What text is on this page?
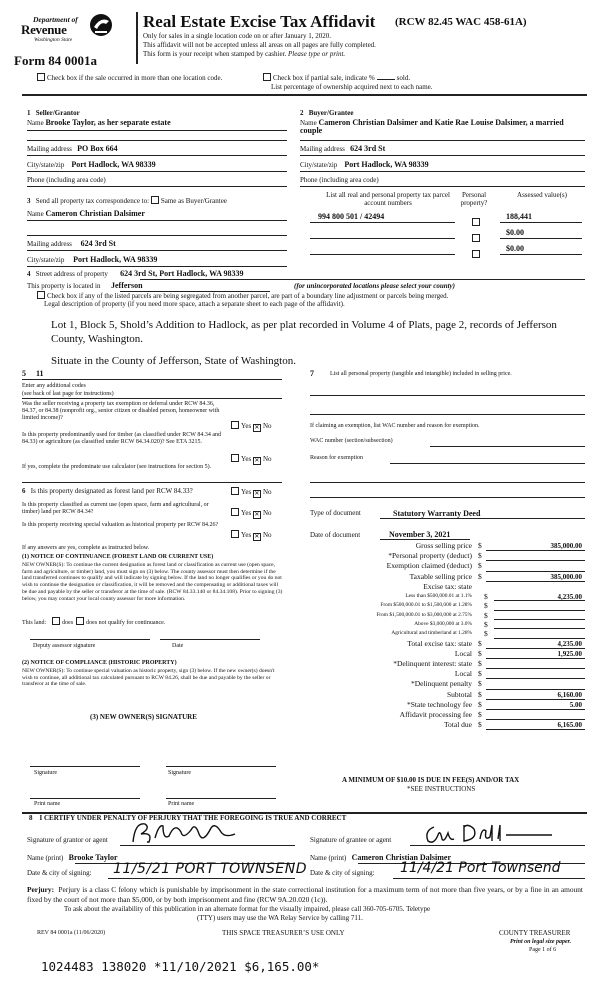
Department of
Revenue
Washington State
Form 84 0001a
Real Estate Excise Tax Affidavit (RCW 82.45 WAC 458-61A)
Only for sales in a single location code on or after January 1, 2020.
This affidavit will not be accepted unless all areas on all pages are fully completed.
This form is your receipt when stamped by cashier. Please type or print.
Check box if the sale occurred in more than one location code.	Check box if partial sale, indicate %	sold.
List percentage of ownership acquired next to each name.
1 Seller/Grantor
Name Brooke Taylor, as her separate estate
Mailing address PO Box 664
City/state/zip Port Hadlock, WA 98339
Phone (including area code)
2 Buyer/Grantee
Name Cameron Christian Dalsimer and Katie Rae Louise Dalsimer, a married couple
Mailing address 624 3rd St
City/state/zip Port Hadlock, WA 98339
Phone (including area code)
3 Send all property tax correspondence to: Same as Buyer/Grantee
Name Cameron Christian Dalsimer
Mailing address 624 3rd St
City/state/zip Port Hadlock, WA 98339
List all real and personal property tax parcel account numbers
Personal property?
Assessed value(s)
994 800 501 / 42494	188,441
$0.00
$0.00
4 Street address of property 624 3rd St, Port Hadlock, WA 98339
This property is located in Jefferson	(for unincorporated locations please select your county)
Check box if any of the listed parcels are being segregated from another parcel, are part of a boundary line adjustment or parcels being merged.
Legal description of property (if you need more space, attach a separate sheet to each page of the affidavit).
Lot 1, Block 5, Shold’s Addition to Hadlock, as per plat recorded in Volume 4 of Plats, page 2, records of Jefferson County, Washington.
Situate in the County of Jefferson, State of Washington.
5 11
Enter any additional codes
(see back of last page for instructions)
Was the seller receiving a property tax exemption or deferral under RCW 84.36, 84.37, or 84.38 (nonprofit org., senior citizen or disabled person, homeowner with limited income)?
Yes ✕ No
Is this property predominantly used for timber (as classified under RCW 84.34 and 84.33) or agriculture (as classified under RCW 84.34.020)? See ETA 3215.
Yes ✕ No
If yes, complete the predominate use calculator (see instructions for section 5).
6 Is this property designated as forest land per RCW 84.33?	Yes ✕ No
Is this property classified as current use (open space, farm and agricultural, or timber) land per RCW 84.34?	Yes ✕ No
Is this property receiving special valuation as historical property per RCW 84.26?
Yes ✕ No
If any answers are yes, complete as instructed below.
(1) NOTICE OF CONTINUANCE (FOREST LAND OR CURRENT USE)
NEW OWNER(S): To continue the current designation as forest land or classification as current use (open space, farm and agriculture, or timber) land, you must sign on (3) below. The county assessor must then determine if the land transferred continues to qualify and will indicate by signing below. If the land no longer qualifies or you do not wish to continue the designation or classification, it will be removed and the compensating or additional taxes will be due and payable by the seller or transferor at the time of sale. (RCW 84.33.140 or 84.34.108). Prior to signing (3) below, you may contact your local county assessor for more information.
This land:	does does not qualify for continuance.
Deputy assessor signature	Date
(2) NOTICE OF COMPLIANCE (HISTORIC PROPERTY)
NEW OWNER(S): To continue special valuation as historic property, sign (3) below. If the new owner(s) doesn't wish to continue, all additional tax calculated pursuant to RCW 84.26, shall be due and payable by the seller or transferor at the time of sale.
(3) NEW OWNER(S) SIGNATURE
Signature	Signature
Print name	Print name
7	List all personal property (tangible and intangible) included in selling price.
If claiming an exemption, list WAC number and reason for exemption.
WAC number (section/subsection)
Reason for exemption
Type of document	Statutory Warranty Deed
Date of document	November 3, 2021
Gross selling price $	385,000.00
*Personal property (deduct) $
Exemption claimed (deduct) $
Taxable selling price $	385,000.00
Excise tax: state
Less than $500,000.01 at 1.1% $	4,235.00
From $500,000.01 to $1,500,000 at 1.28% $
From $1,500,000.01 to $3,000,000 at 2.75% $
Above $3,000,000 at 3.0% $
Agricultural and timberland at 1.28% $
Total excise tax: state $	4,235.00
Local $	1,925.00
*Delinquent interest: state $
Local $
*Delinquent penalty $
Subtotal $	6,160.00
*State technology fee $	5.00
Affidavit processing fee $
Total due $	6,165.00
A MINIMUM OF $10.00 IS DUE IN FEE(S) AND/OR TAX
*SEE INSTRUCTIONS
8 I CERTIFY UNDER PENALTY OF PERJURY THAT THE FOREGOING IS TRUE AND CORRECT
Signature of grantor or agent	Signature of grantee or agent
Name (print) Brooke Taylor	Name (print) Cameron Christian Dalsimer
Date & city of signing: 11/5/21 PORT TOWNSEND Date & city of signing: 11/4/21 Port Townsend
Perjury: Perjury is a class C felony which is punishable by imprisonment in the state correctional institution for a maximum term of not more than five years, or by a fine in an amount fixed by the court of not more than $5,000, or by both imprisonment and fine (RCW 9A.20.020 (1c)).
To ask about the availability of this publication in an alternate format for the visually impaired, please call 360-705-6705. Teletype
(TTY) users may use the WA Relay Service by calling 711.
REV 84 0001a (11/06/2020)	THIS SPACE TREASURER’S USE ONLY	COUNTY TREASURER
Print on legal size paper.
Page 1 of 6
1024483 138020 *11/10/2021 $6,165.00*
